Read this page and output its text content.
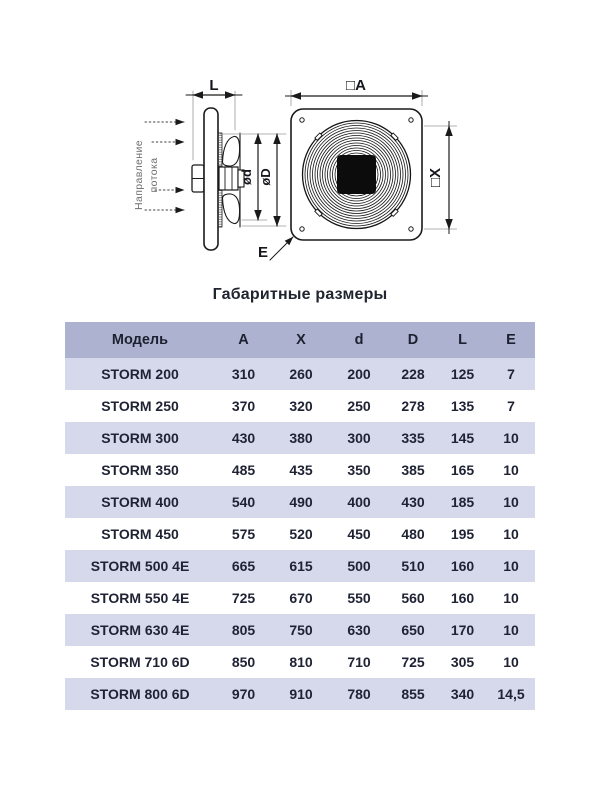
Направление потока
L
ød øD
E
□A
□X
Габаритные размеры
Модель	A	X	d	D	L	E
STORM 200	310	260	200	228	125	7
STORM 250	370	320	250	278	135	7
STORM 300	430	380	300	335	145	10
STORM 350	485	435	350	385	165	10
STORM 400	540	490	400	430	185	10
STORM 450	575	520	450	480	195	10
STORM 500 4E	665	615	500	510	160	10
STORM 550 4E	725	670	550	560	160	10
STORM 630 4E	805	750	630	650	170	10
STORM 710 6D	850	810	710	725	305	10
STORM 800 6D	970	910	780	855	340	14,5
